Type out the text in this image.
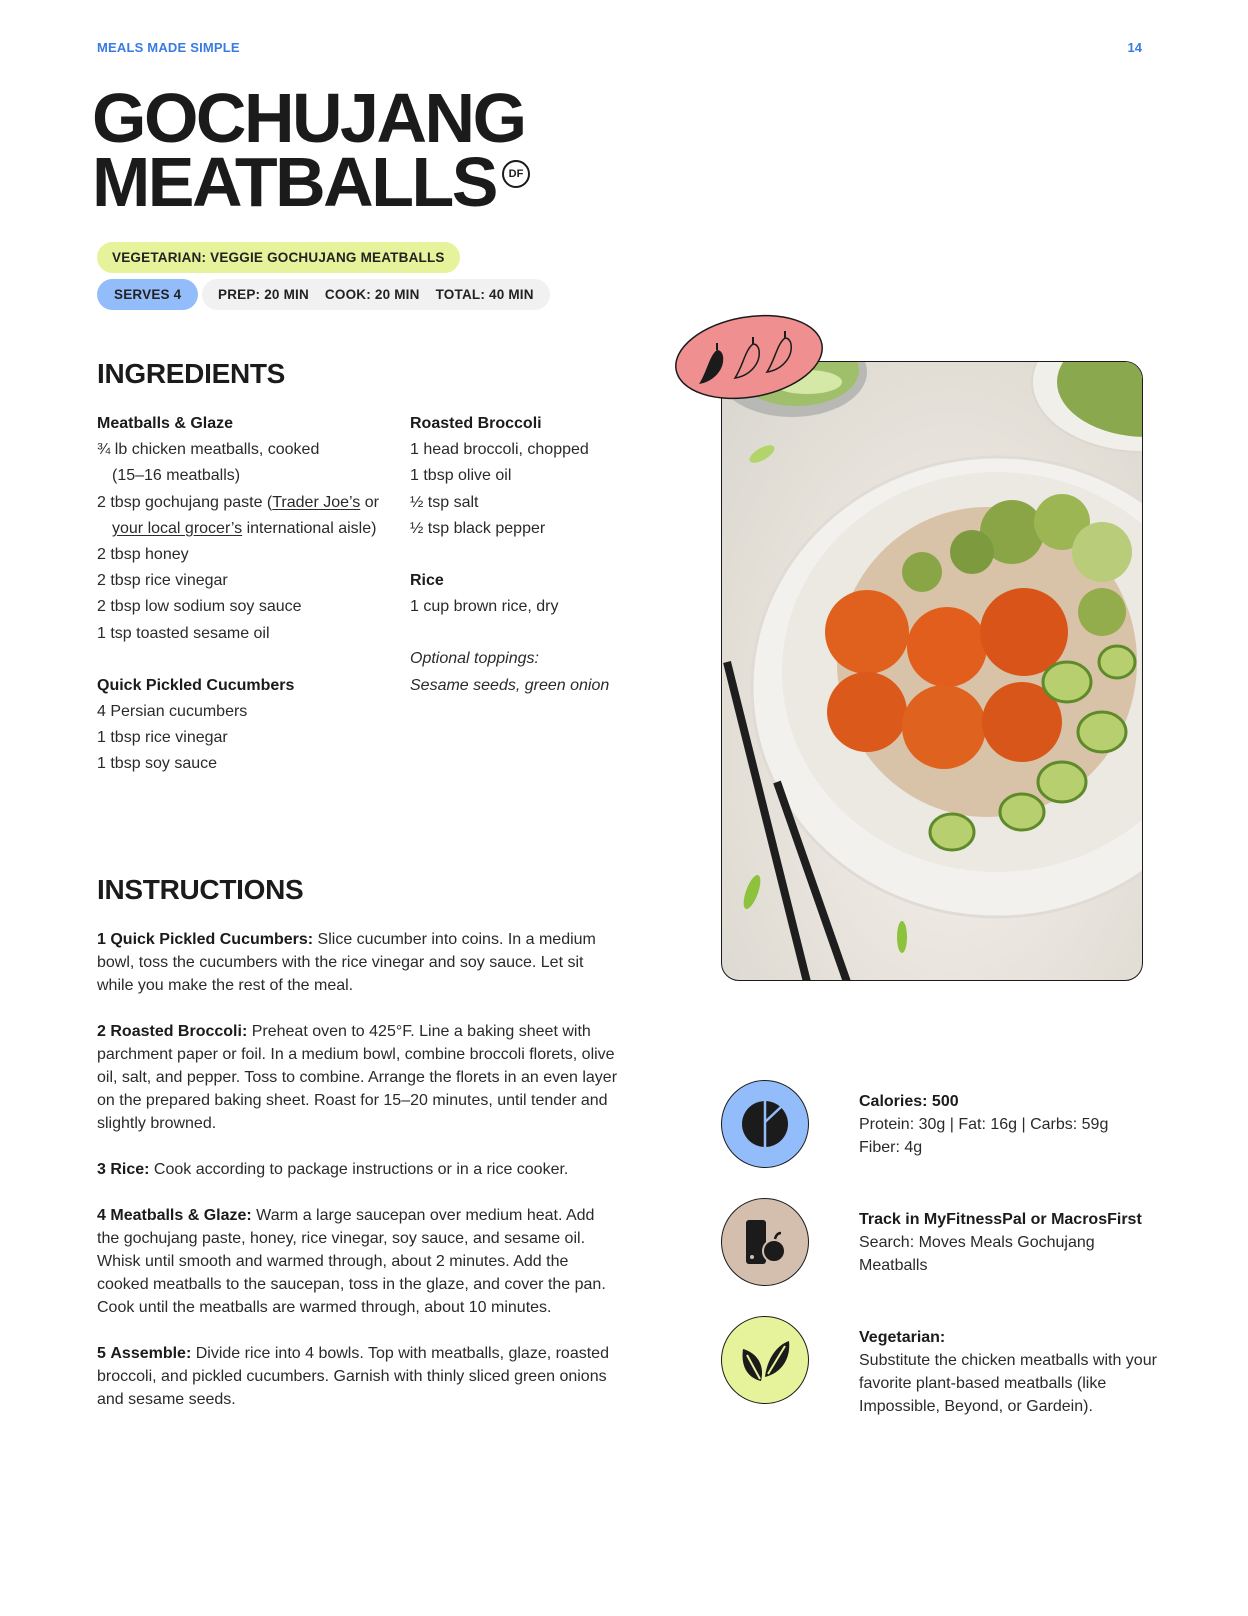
MEALS MADE SIMPLE	14
GOCHUJANG
MEATBALLS	DF
VEGETARIAN: VEGGIE GOCHUJANG MEATBALLS
SERVES 4	PREP: 20 MIN COOK: 20 MIN TOTAL: 40 MIN
INGREDIENTS
Meatballs & Glaze
¾ lb chicken meatballs, cooked
(15–16 meatballs)
2 tbsp gochujang paste (Trader Joe’s or
your local grocer’s international aisle)
2 tbsp honey
2 tbsp rice vinegar
2 tbsp low sodium soy sauce
1 tsp toasted sesame oil
Quick Pickled Cucumbers
4 Persian cucumbers
1 tbsp rice vinegar
1 tbsp soy sauce
Roasted Broccoli
1 head broccoli, chopped
1 tbsp olive oil
½ tsp salt
½ tsp black pepper
Rice
1 cup brown rice, dry
Optional toppings:
Sesame seeds, green onion
INSTRUCTIONS
1 Quick Pickled Cucumbers: Slice cucumber into coins. In a medium bowl, toss the cucumbers with the rice vinegar and soy sauce. Let sit while you make the rest of the meal.
2 Roasted Broccoli: Preheat oven to 425°F. Line a baking sheet with parchment paper or foil. In a medium bowl, combine broccoli florets, olive oil, salt, and pepper. Toss to combine. Arrange the florets in an even layer on the prepared baking sheet. Roast for 15–20 minutes, until tender and slightly browned.
3 Rice: Cook according to package instructions or in a rice cooker.
4 Meatballs & Glaze: Warm a large saucepan over medium heat. Add the gochujang paste, honey, rice vinegar, soy sauce, and sesame oil. Whisk until smooth and warmed through, about 2 minutes. Add the cooked meatballs to the saucepan, toss in the glaze, and cover the pan. Cook until the meatballs are warmed through, about 10 minutes.
5 Assemble: Divide rice into 4 bowls. Top with meatballs, glaze, roasted broccoli, and pickled cucumbers. Garnish with thinly sliced green onions and sesame seeds.
Calories: 500
Protein: 30g | Fat: 16g | Carbs: 59g
Fiber: 4g
Track in MyFitnessPal or MacrosFirst
Search: Moves Meals Gochujang Meatballs
Vegetarian:
Substitute the chicken meatballs with your favorite plant-based meatballs (like Impossible, Beyond, or Gardein).
